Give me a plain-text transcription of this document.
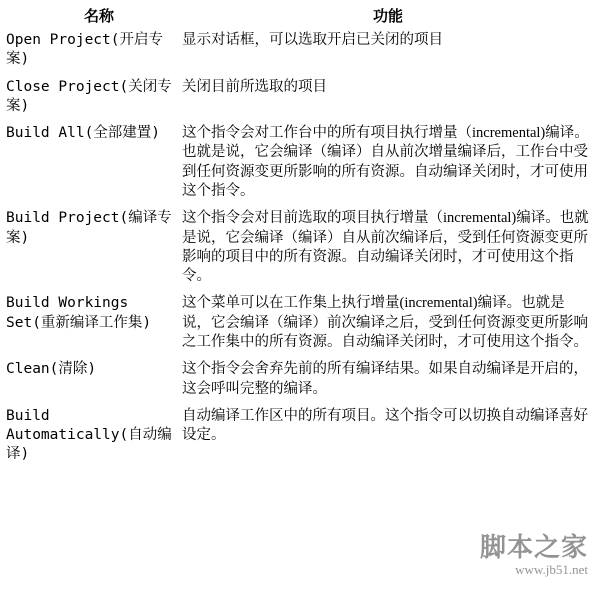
名称	功能
Open Project(开启专案)	显示对话框，可以选取开启已关闭的项目
Close Project(关闭专案)	关闭目前所选取的项目
Build All(全部建置)	这个指令会对工作台中的所有项目执行增量（incremental)编译。也就是说，它会编译（编译）自从前次增量编译后，工作台中受到任何资源变更所影响的所有资源。自动编译关闭时，才可使用这个指令。
Build Project(编译专案)	这个指令会对目前选取的项目执行增量（incremental)编译。也就是说，它会编译（编译）自从前次编译后，受到任何资源变更所影响的项目中的所有资源。自动编译关闭时，才可使用这个指令。
Build Workings Set(重新编译工作集)	这个菜单可以在工作集上执行增量(incremental)编译。也就是说，它会编译（编译）前次编译之后，受到任何资源变更所影响之工作集中的所有资源。自动编译关闭时，才可使用这个指令。
Clean(清除)	这个指令会舍弃先前的所有编译结果。如果自动编译是开启的，这会呼叫完整的编译。
Build Automatically(自动编译)	自动编译工作区中的所有项目。这个指令可以切换自动编译喜好设定。
脚本之家
www.jb51.net
